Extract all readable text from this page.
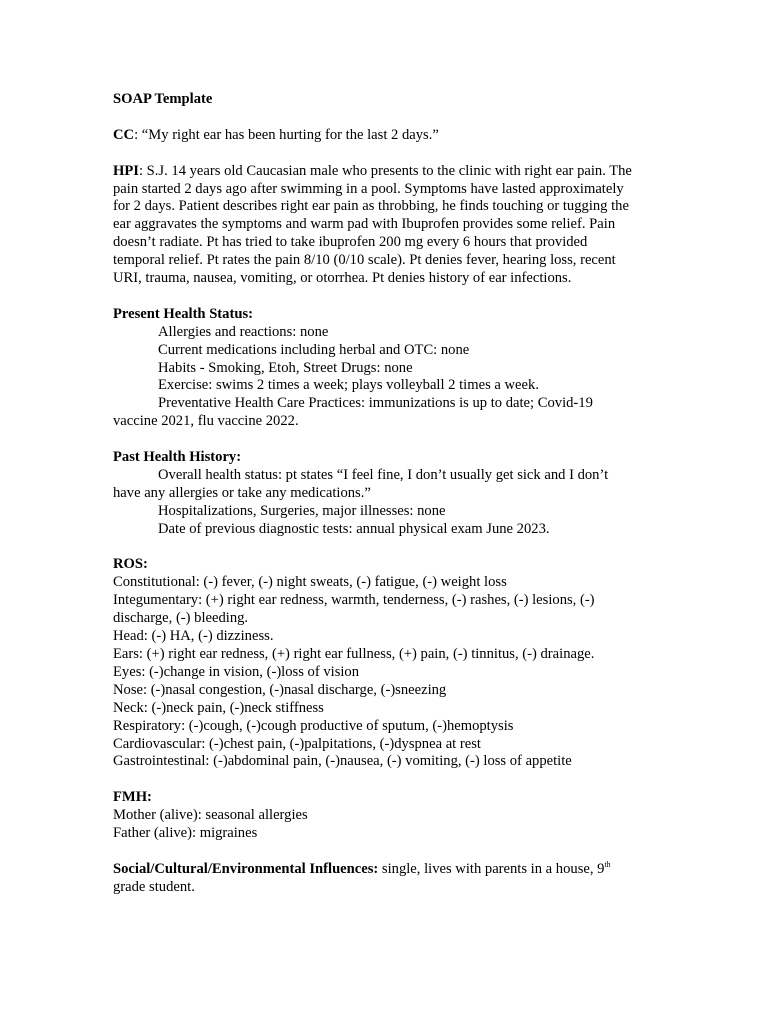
SOAP Template
CC: “My right ear has been hurting for the last 2 days.”
HPI: S.J. 14 years old Caucasian male who presents to the clinic with right ear pain. The
pain started 2 days ago after swimming in a pool. Symptoms have lasted approximately
for 2 days. Patient describes right ear pain as throbbing, he finds touching or tugging the
ear aggravates the symptoms and warm pad with Ibuprofen provides some relief. Pain
doesn’t radiate. Pt has tried to take ibuprofen 200 mg every 6 hours that provided
temporal relief. Pt rates the pain 8/10 (0/10 scale). Pt denies fever, hearing loss, recent
URI, trauma, nausea, vomiting, or otorrhea. Pt denies history of ear infections.
Present Health Status:
Allergies and reactions: none
Current medications including herbal and OTC: none
Habits - Smoking, Etoh, Street Drugs: none
Exercise: swims 2 times a week; plays volleyball 2 times a week.
Preventative Health Care Practices: immunizations is up to date; Covid-19
vaccine 2021, flu vaccine 2022.
Past Health History:
Overall health status: pt states “I feel fine, I don’t usually get sick and I don’t
have any allergies or take any medications.”
Hospitalizations, Surgeries, major illnesses: none
Date of previous diagnostic tests: annual physical exam June 2023.
ROS:
Constitutional: (-) fever, (-) night sweats, (-) fatigue, (-) weight loss
Integumentary: (+) right ear redness, warmth, tenderness, (-) rashes, (-) lesions, (-)
discharge, (-) bleeding.
Head: (-) HA, (-) dizziness.
Ears: (+) right ear redness, (+) right ear fullness, (+) pain, (-) tinnitus, (-) drainage.
Eyes: (-)change in vision, (-)loss of vision
Nose: (-)nasal congestion, (-)nasal discharge, (-)sneezing
Neck: (-)neck pain, (-)neck stiffness
Respiratory: (-)cough, (-)cough productive of sputum, (-)hemoptysis
Cardiovascular: (-)chest pain, (-)palpitations, (-)dyspnea at rest
Gastrointestinal: (-)abdominal pain, (-)nausea, (-) vomiting, (-) loss of appetite
FMH:
Mother (alive): seasonal allergies
Father (alive): migraines
Social/Cultural/Environmental Influences: single, lives with parents in a house, 9th
grade student.
